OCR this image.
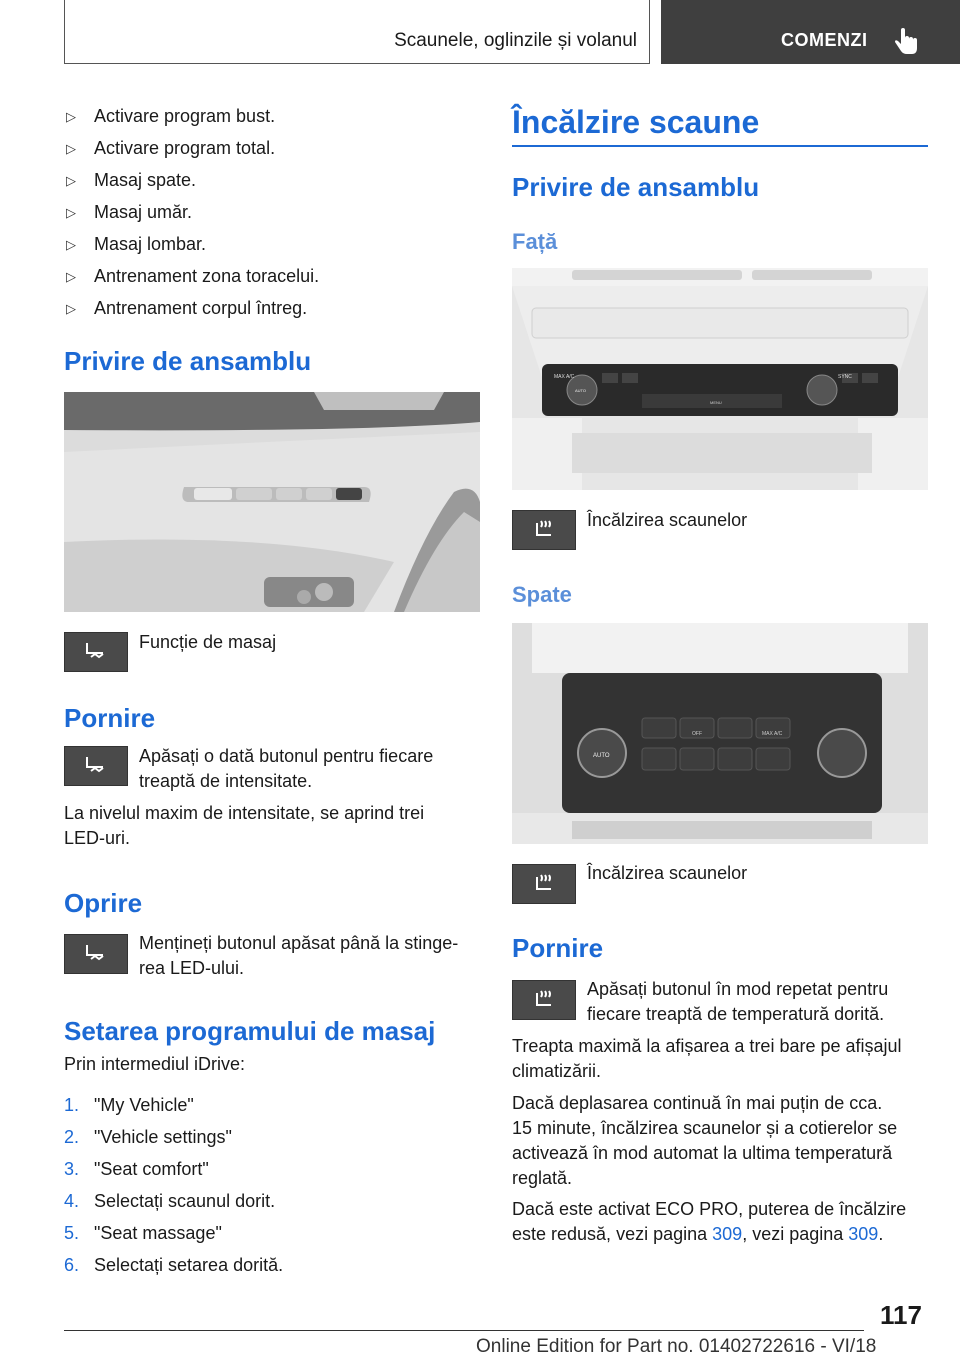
Scaunele, oglinzile și volanul	COMENZI
▷	Activare program bust.
▷	Activare program total.
▷	Masaj spate.
▷	Masaj umăr.
▷	Masaj lombar.
▷	Antrenament zona toracelui.
▷	Antrenament corpul întreg.
Privire de ansamblu
Funcție de masaj
Pornire
Apăsați o dată butonul pentru fiecare
treaptă de intensitate.
La nivelul maxim de intensitate, se aprind trei
LED-uri.
Oprire
Mențineți butonul apăsat până la stinge-
rea LED-ului.
Setarea programului de masaj
Prin intermediul iDrive:
1. "My Vehicle"
2. "Vehicle settings"
3. "Seat comfort"
4. Selectați scaunul dorit.
5. "Seat massage"
6. Selectați setarea dorită.
Încălzire scaune
Privire de ansamblu
Față
MAX A/C	SYNC
AUTO
MENU
Încălzirea scaunelor
Spate
AUTO
OFF	MAX A/C
Încălzirea scaunelor
Pornire
Apăsați butonul în mod repetat pentru
fiecare treaptă de temperatură dorită.
Treapta maximă la afișarea a trei bare pe afișajul
climatizării.
Dacă deplasarea continuă în mai puțin de cca.
15 minute, încălzirea scaunelor și a cotierelor se
activează în mod automat la ultima temperatură
reglată.
Dacă este activat ECO PRO, puterea de încălzire
este redusă, vezi pagina 309, vezi pagina 309.
117
Online Edition for Part no. 01402722616 - VI/18
